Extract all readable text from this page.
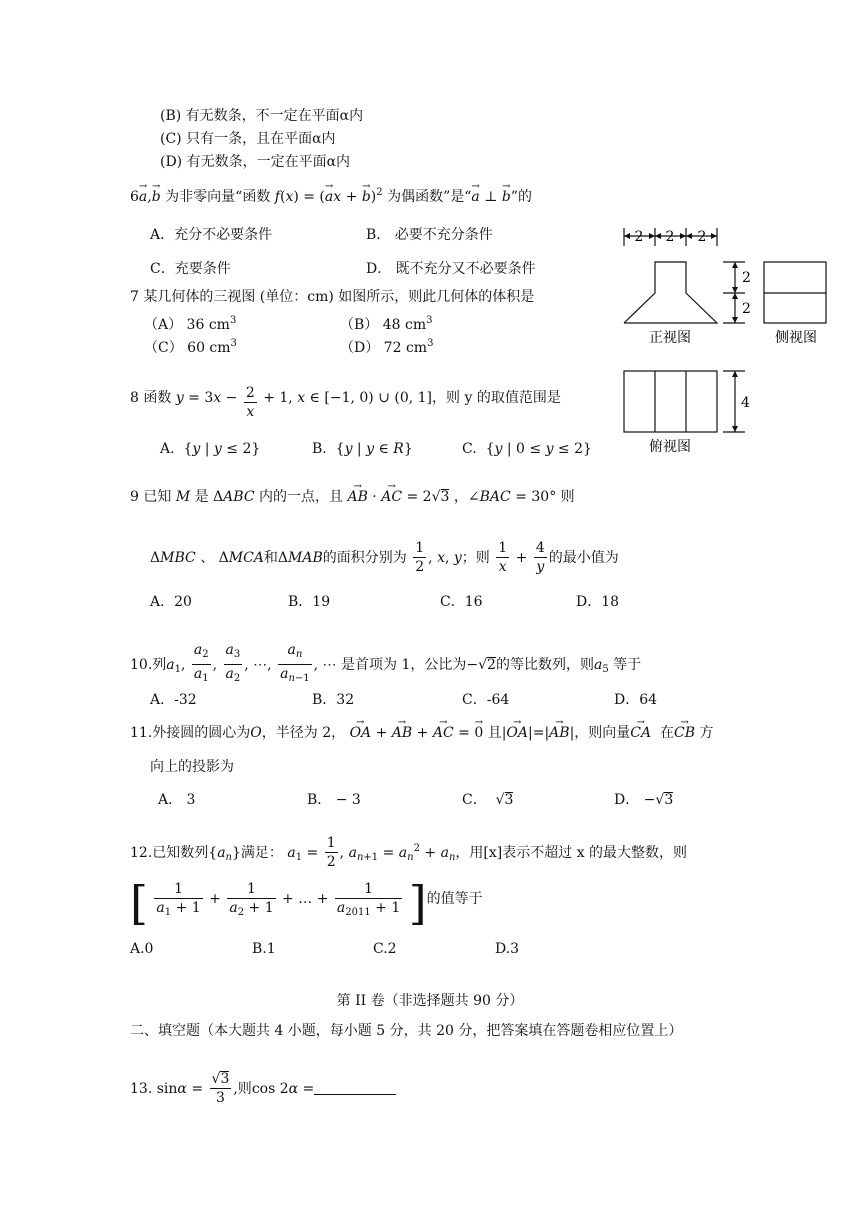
(B) 有无数条，不一定在平面α内
(C) 只有一条，且在平面α内
(D) 有无数条，一定在平面α内
6→ a,→ b 为非零向量“函数 f(x) = (→ ax + → b)$^2$ 为偶函数”是“→ a ⊥ → b”的
A．充分不必要条件	B． 必要不充分条件
C．充要条件	D． 既不充分又不必要条件
7 某几何体的三视图 (单位：cm) 如图所示，则此几何体的体积是
（A） 36 $cm^3$	（B） 48 $cm^3$
（C） 60 $cm^3$	（D） 72 $cm^3$
2 2 2
2
2
4
正视图	侧视图
俯视图
8 函数 $y = 3x - \frac{2}{x} + 1$, x ∈ [−1, 0) ∪ (0, 1]，则 y 的取值范围是
A.  {y | y ≤ 2}	B.  {y | y ∈ R}	C.  {y | 0 ≤ y ≤ 2}
9 已知 M 是 ΔABC 内的一点，且 → AB · → AC = 2√3 ，∠BAC = 30° 则
ΔMBC 、 ΔMCA和ΔMAB的面积分别为 $\frac{1}{2}$ , x, y；则 $\frac{1}{x} + \frac{4}{y}$ 的最小值为
A．20	B．19	C．16	D．18
10.列$a_1$, $\frac{a_2}{a_1}$ , $\frac{a_3}{a_2}$ , ⋯, $\frac{a_n}{a_{n-1}}$ , ⋯ 是首项为 1，公比为−√2的等比数列，则$a_5$ 等于
A．-32	B．32	C．-64	D．64
11.外接圆的圆心为O，半径为 2， → OA + → AB + → AC = → 0 且|→ OA|=|→ AB|，则向量→ CA 在→ CB 方
向上的投影为
A． 3	B． − 3	C． √3	D． −√3
12.已知数列$\{a_n\}$满足： $a_1 = \frac{1}{2}$ , $a_{n+1} = a_n^2 + a_n$，用[x]表示不超过 x 的最大整数，则
[ $\frac{1}{a_1 + 1} + \frac{1}{a_2 + 1}$ + … + $\frac{1}{a_{2011} + 1}$ ]的值等于
A.0	B.1	C.2	D.3
第 II 卷（非选择题共 90 分）
二、填空题（本大题共 4 小题，每小题 5 分，共 20 分，把答案填在答题卷相应位置上）
13. $\sin\alpha = \frac{√3}{3}$ ,则cos 2α =
